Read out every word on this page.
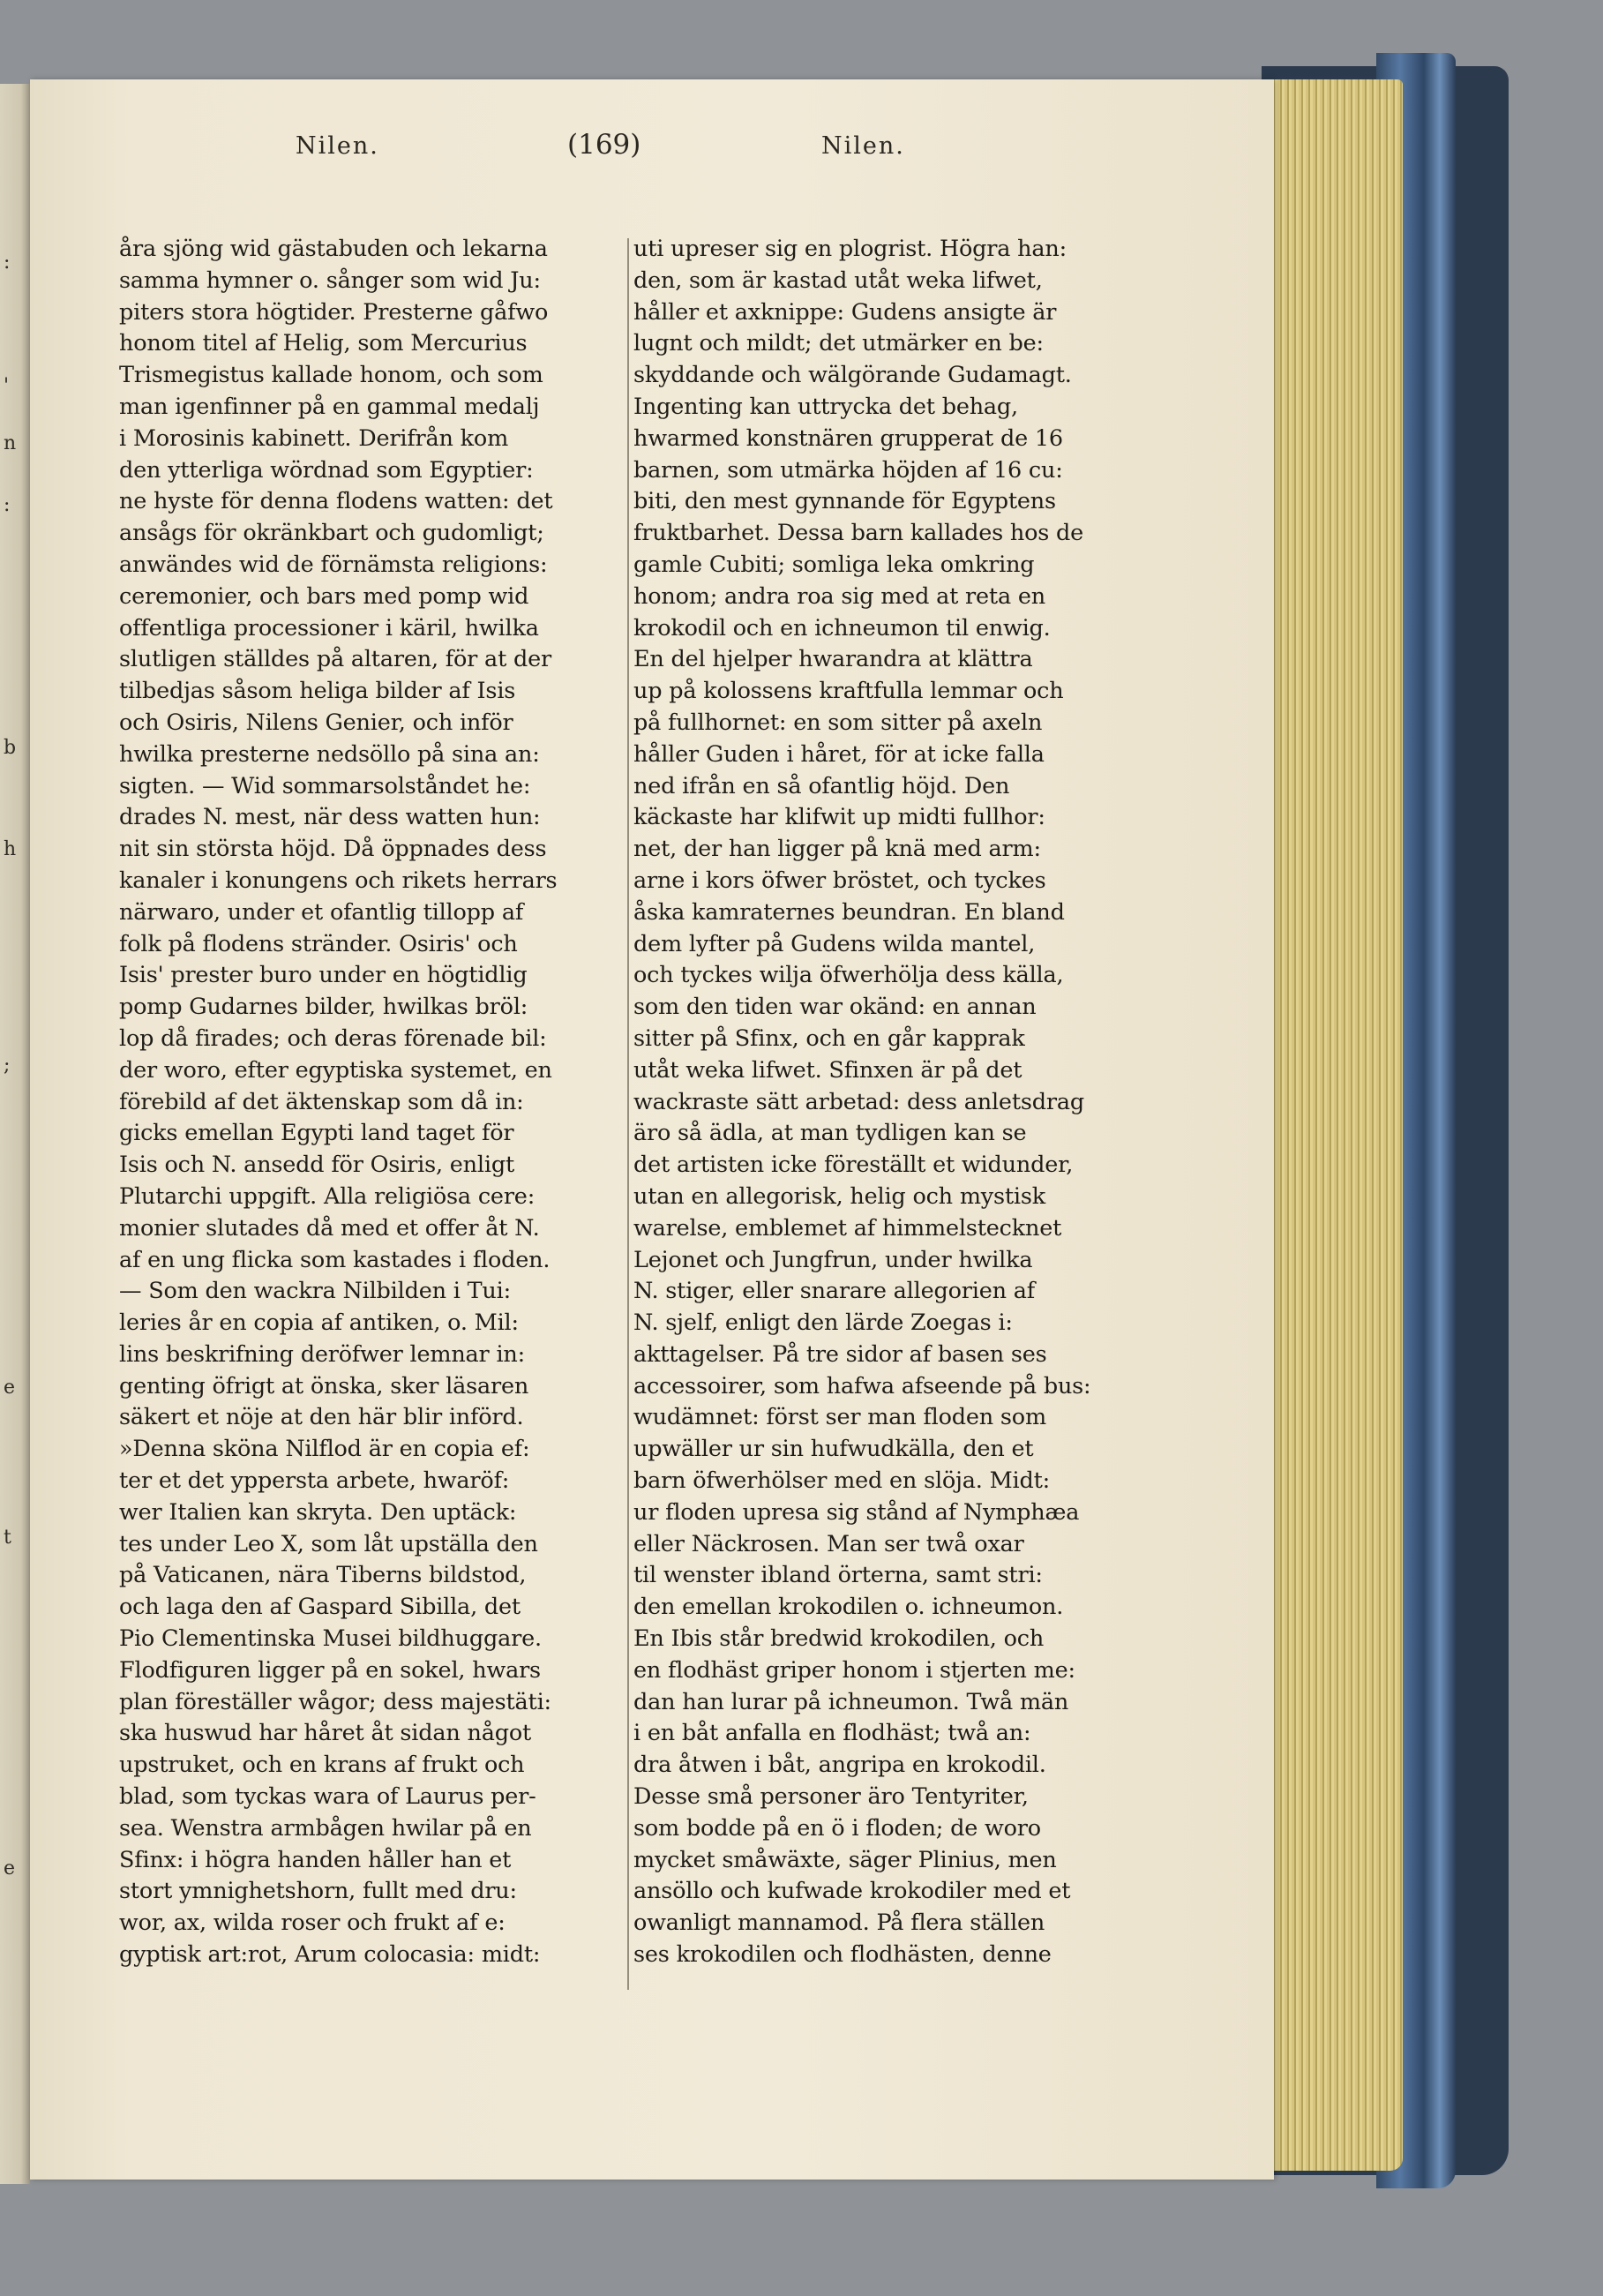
:
'
n
:
b
h
;
e
t
e
Nilen.	(169)	Nilen.
åra sjöng wid gästabuden och lekarna
samma hymner o. sånger som wid Ju:
piters stora högtider. Presterne gåfwo
honom titel af Helig, som Mercurius
Trismegistus kallade honom, och som
man igenfinner på en gammal medalj
i Morosinis kabinett. Derifrån kom
den ytterliga wördnad som Egyptier:
ne hyste för denna flodens watten: det
ansågs för okränkbart och gudomligt;
anwändes wid de förnämsta religions:
ceremonier, och bars med pomp wid
offentliga processioner i käril, hwilka
slutligen ställdes på altaren, för at der
tilbedjas såsom heliga bilder af Isis
och Osiris, Nilens Genier, och inför
hwilka presterne nedsöllo på sina an:
sigten. — Wid sommarsolståndet he:
drades N. mest, när dess watten hun:
nit sin största höjd. Då öppnades dess
kanaler i konungens och rikets herrars
närwaro, under et ofantlig tillopp af
folk på flodens stränder. Osiris' och
Isis' prester buro under en högtidlig
pomp Gudarnes bilder, hwilkas bröl:
lop då firades; och deras förenade bil:
der woro, efter egyptiska systemet, en
förebild af det äktenskap som då in:
gicks emellan Egypti land taget för
Isis och N. ansedd för Osiris, enligt
Plutarchi uppgift. Alla religiösa cere:
monier slutades då med et offer åt N.
af en ung flicka som kastades i floden.
— Som den wackra Nilbilden i Tui:
leries år en copia af antiken, o. Mil:
lins beskrifning deröfwer lemnar in:
genting öfrigt at önska, sker läsaren
säkert et nöje at den här blir införd.
»Denna sköna Nilflod är en copia ef:
ter et det yppersta arbete, hwaröf:
wer Italien kan skryta. Den uptäck:
tes under Leo X, som låt upställa den
på Vaticanen, nära Tiberns bildstod,
och laga den af Gaspard Sibilla, det
Pio Clementinska Musei bildhuggare.
Flodfiguren ligger på en sokel, hwars
plan föreställer wågor; dess majestäti:
ska huswud har håret åt sidan något
upstruket, och en krans af frukt och
blad, som tyckas wara of Laurus per-
sea. Wenstra armbågen hwilar på en
Sfinx: i högra handen håller han et
stort ymnighetshorn, fullt med dru:
wor, ax, wilda roser och frukt af e:
gyptisk art:rot, Arum colocasia: midt:
uti upreser sig en plogrist. Högra han:
den, som är kastad utåt weka lifwet,
håller et axknippe: Gudens ansigte är
lugnt och mildt; det utmärker en be:
skyddande och wälgörande Gudamagt.
Ingenting kan uttrycka det behag,
hwarmed konstnären grupperat de 16
barnen, som utmärka höjden af 16 cu:
biti, den mest gynnande för Egyptens
fruktbarhet. Dessa barn kallades hos de
gamle Cubiti; somliga leka omkring
honom; andra roa sig med at reta en
krokodil och en ichneumon til enwig.
En del hjelper hwarandra at klättra
up på kolossens kraftfulla lemmar och
på fullhornet: en som sitter på axeln
håller Guden i håret, för at icke falla
ned ifrån en så ofantlig höjd. Den
käckaste har klifwit up midti fullhor:
net, der han ligger på knä med arm:
arne i kors öfwer bröstet, och tyckes
åska kamraternes beundran. En bland
dem lyfter på Gudens wilda mantel,
och tyckes wilja öfwerhölja dess källa,
som den tiden war okänd: en annan
sitter på Sfinx, och en går kapprak
utåt weka lifwet. Sfinxen är på det
wackraste sätt arbetad: dess anletsdrag
äro så ädla, at man tydligen kan se
det artisten icke föreställt et widunder,
utan en allegorisk, helig och mystisk
warelse, emblemet af himmelstecknet
Lejonet och Jungfrun, under hwilka
N. stiger, eller snarare allegorien af
N. sjelf, enligt den lärde Zoegas i:
akttagelser. På tre sidor af basen ses
accessoirer, som hafwa afseende på bus:
wudämnet: först ser man floden som
upwäller ur sin hufwudkälla, den et
barn öfwerhölser med en slöja. Midt:
ur floden upresa sig stånd af Nymphæa
eller Näckrosen. Man ser twå oxar
til wenster ibland örterna, samt stri:
den emellan krokodilen o. ichneumon.
En Ibis står bredwid krokodilen, och
en flodhäst griper honom i stjerten me:
dan han lurar på ichneumon. Twå män
i en båt anfalla en flodhäst; twå an:
dra åtwen i båt, angripa en krokodil.
Desse små personer äro Tentyriter,
som bodde på en ö i floden; de woro
mycket småwäxte, säger Plinius, men
ansöllo och kufwade krokodiler med et
owanligt mannamod. På flera ställen
ses krokodilen och flodhästen, denne
